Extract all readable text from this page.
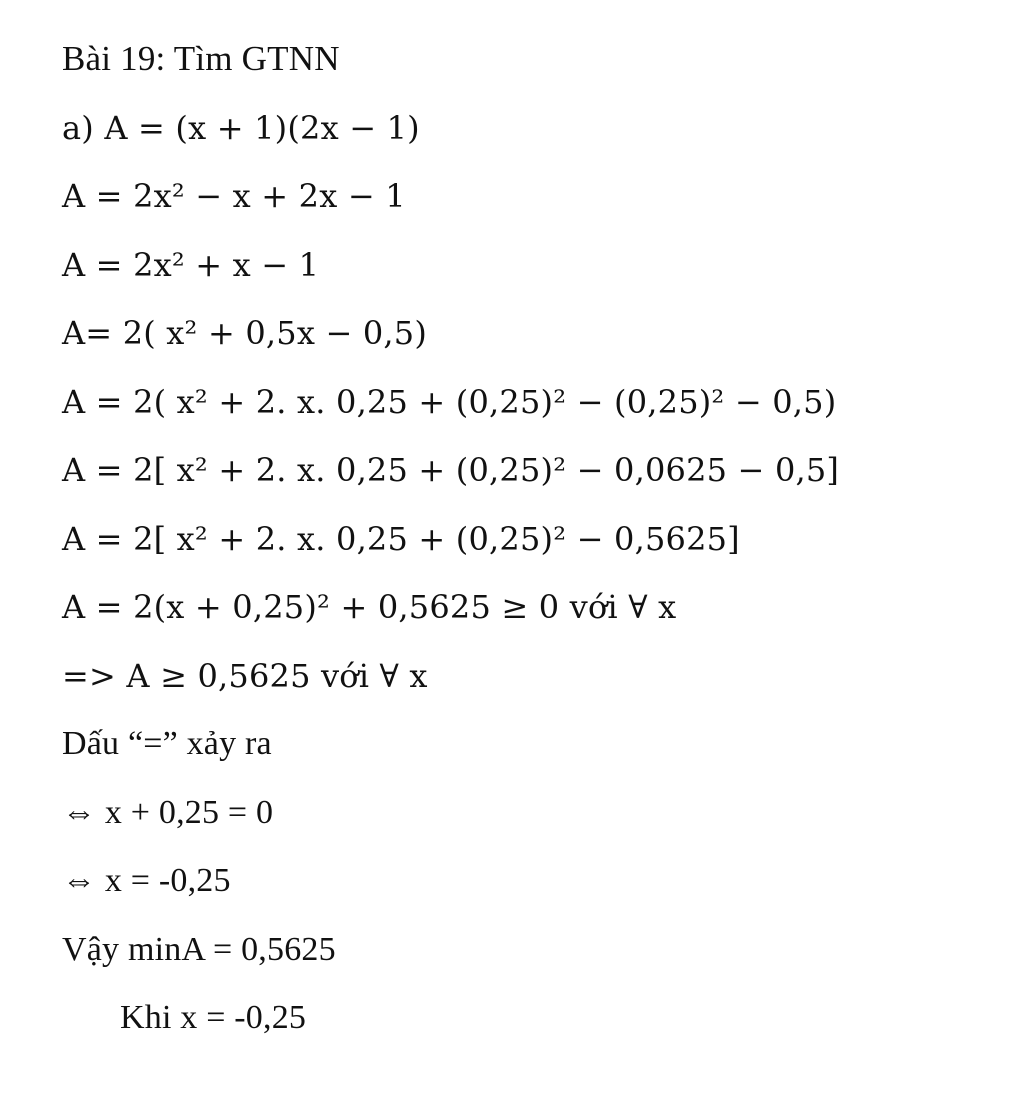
Bài 19: Tìm GTNN
a) A = (x + 1)(2x − 1)
A = 2x² − x + 2x − 1
A = 2x² + x − 1
A= 2( x² + 0,5x − 0,5)
A = 2( x² + 2. x. 0,25 + (0,25)² − (0,25)² − 0,5)
A = 2[ x² + 2. x. 0,25 + (0,25)² − 0,0625 − 0,5]
A = 2[ x² + 2. x. 0,25 + (0,25)² − 0,5625]
A = 2(x + 0,25)² + 0,5625 ≥ 0 với ∀ x
=> A ≥ 0,5625 với ∀ x
Dấu “=” xảy ra
⇔ x + 0,25 = 0
⇔ x = -0,25
Vậy minA = 0,5625
Khi x = -0,25
